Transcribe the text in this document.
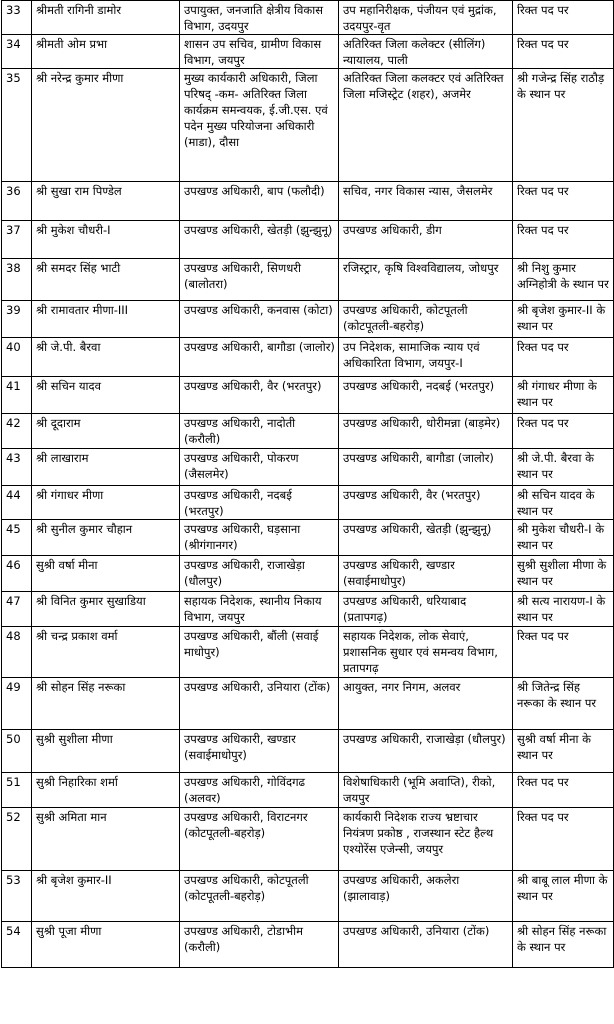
33	श्रीमती रागिनी डामोर	उपायुक्त, जनजाति क्षेत्रीय विकास विभाग, उदयपुर	उप महानिरीक्षक, पंजीयन एवं मुद्रांक, उदयपुर-वृत	रिक्त पद पर
34	श्रीमती ओम प्रभा	शासन उप सचिव, ग्रामीण विकास विभाग, जयपुर	अतिरिक्त जिला कलेक्टर (सीलिंग) न्यायालय, पाली	रिक्त पद पर
35	श्री नरेन्द्र कुमार मीणा	मुख्य कार्यकारी अधिकारी, जिला परिषद् -कम- अतिरिक्त जिला कार्यक्रम समन्वयक, ई.जी.एस. एवं पदेन मुख्य परियोजना अधिकारी (माडा), दौसा	अतिरिक्त जिला कलक्टर एवं अतिरिक्त जिला मजिस्ट्रेट (शहर), अजमेर	श्री गजेन्द्र सिंह राठौड़ के स्थान पर
36	श्री सुखा राम पिण्डेल	उपखण्ड अधिकारी, बाप (फलौदी)	सचिव, नगर विकास न्यास, जैसलमेर	रिक्त पद पर
37	श्री मुकेश चौधरी-I	उपखण्ड अधिकारी, खेतड़ी (झुन्झुनू)	उपखण्ड अधिकारी, डीग	रिक्त पद पर
38	श्री समदर सिंह भाटी	उपखण्ड अधिकारी, सिणधरी (बालोतरा)	रजिस्ट्रार, कृषि विश्वविद्यालय, जोधपुर	श्री निशु कुमार अग्निहोत्री के स्थान पर
39	श्री रामावतार मीणा-III	उपखण्ड अधिकारी, कनवास (कोटा)	उपखण्ड अधिकारी, कोटपूतली (कोटपूतली-बहरोड़)	श्री बृजेश कुमार-II के स्थान पर
40	श्री जे.पी. बैरवा	उपखण्ड अधिकारी, बागौडा (जालोर)	उप निदेशक, सामाजिक न्याय एवं अधिकारिता विभाग, जयपुर-I	रिक्त पद पर
41	श्री सचिन यादव	उपखण्ड अधिकारी, वैर (भरतपुर)	उपखण्ड अधिकारी, नदबई (भरतपुर)	श्री गंगाधर मीणा के स्थान पर
42	श्री दूदाराम	उपखण्ड अधिकारी, नादोती (करौली)	उपखण्ड अधिकारी, धोरीमन्ना (बाड़मेर)	रिक्त पद पर
43	श्री लाखाराम	उपखण्ड अधिकारी, पोकरण (जैसलमेर)	उपखण्ड अधिकारी, बागौडा (जालोर)	श्री जे.पी. बैरवा के स्थान पर
44	श्री गंगाधर मीणा	उपखण्ड अधिकारी, नदबई (भरतपुर)	उपखण्ड अधिकारी, वैर (भरतपुर)	श्री सचिन यादव के स्थान पर
45	श्री सुनील कुमार चौहान	उपखण्ड अधिकारी, घड़साना (श्रीगंगानगर)	उपखण्ड अधिकारी, खेतड़ी (झुन्झुनू)	श्री मुकेश चौधरी-I के स्थान पर
46	सुश्री वर्षा मीना	उपखण्ड अधिकारी, राजाखेड़ा (धौलपुर)	उपखण्ड अधिकारी, खण्डार (सवाईमाधोपुर)	सुश्री सुशीला मीणा के स्थान पर
47	श्री विनित कुमार सुखाडिया	सहायक निदेशक, स्थानीय निकाय विभाग, जयपुर	उपखण्ड अधिकारी, धरियाबाद (प्रतापगढ़)	श्री सत्य नारायण-I के स्थान पर
48	श्री चन्द्र प्रकाश वर्मा	उपखण्ड अधिकारी, बौंली (सवाई माधोपुर)	सहायक निदेशक, लोक सेवाएं, प्रशासनिक सुधार एवं समन्वय विभाग, प्रतापगढ़	रिक्त पद पर
49	श्री सोहन सिंह नरूका	उपखण्ड अधिकारी, उनियारा (टोंक)	आयुक्त, नगर निगम, अलवर	श्री जितेन्द्र सिंह नरूका के स्थान पर
50	सुश्री सुशीला मीणा	उपखण्ड अधिकारी, खण्डार (सवाईमाधोपुर)	उपखण्ड अधिकारी, राजाखेड़ा (धौलपुर)	सुश्री वर्षा मीना के स्थान पर
51	सुश्री निहारिका शर्मा	उपखण्ड अधिकारी, गोविंदगढ (अलवर)	विशेषाधिकारी (भूमि अवाप्ति), रीको, जयपुर	रिक्त पद पर
52	सुश्री अमिता मान	उपखण्ड अधिकारी, विराटनगर (कोटपूतली-बहरोड़)	कार्यकारी निदेशक राज्य भ्रष्टाचार नियंत्रण प्रकोष्ठ , राजस्थान स्टेट हैल्थ एश्योरेंस एजेन्सी, जयपुर	रिक्त पद पर
53	श्री बृजेश कुमार-II	उपखण्ड अधिकारी, कोटपूतली (कोटपूतली-बहरोड़)	उपखण्ड अधिकारी, अकलेरा (झालावाड़)	श्री बाबू लाल मीणा के स्थान पर
54	सुश्री पूजा मीणा	उपखण्ड अधिकारी, टोडाभीम (करौली)	उपखण्ड अधिकारी, उनियारा (टोंक)	श्री सोहन सिंह नरूका के स्थान पर
